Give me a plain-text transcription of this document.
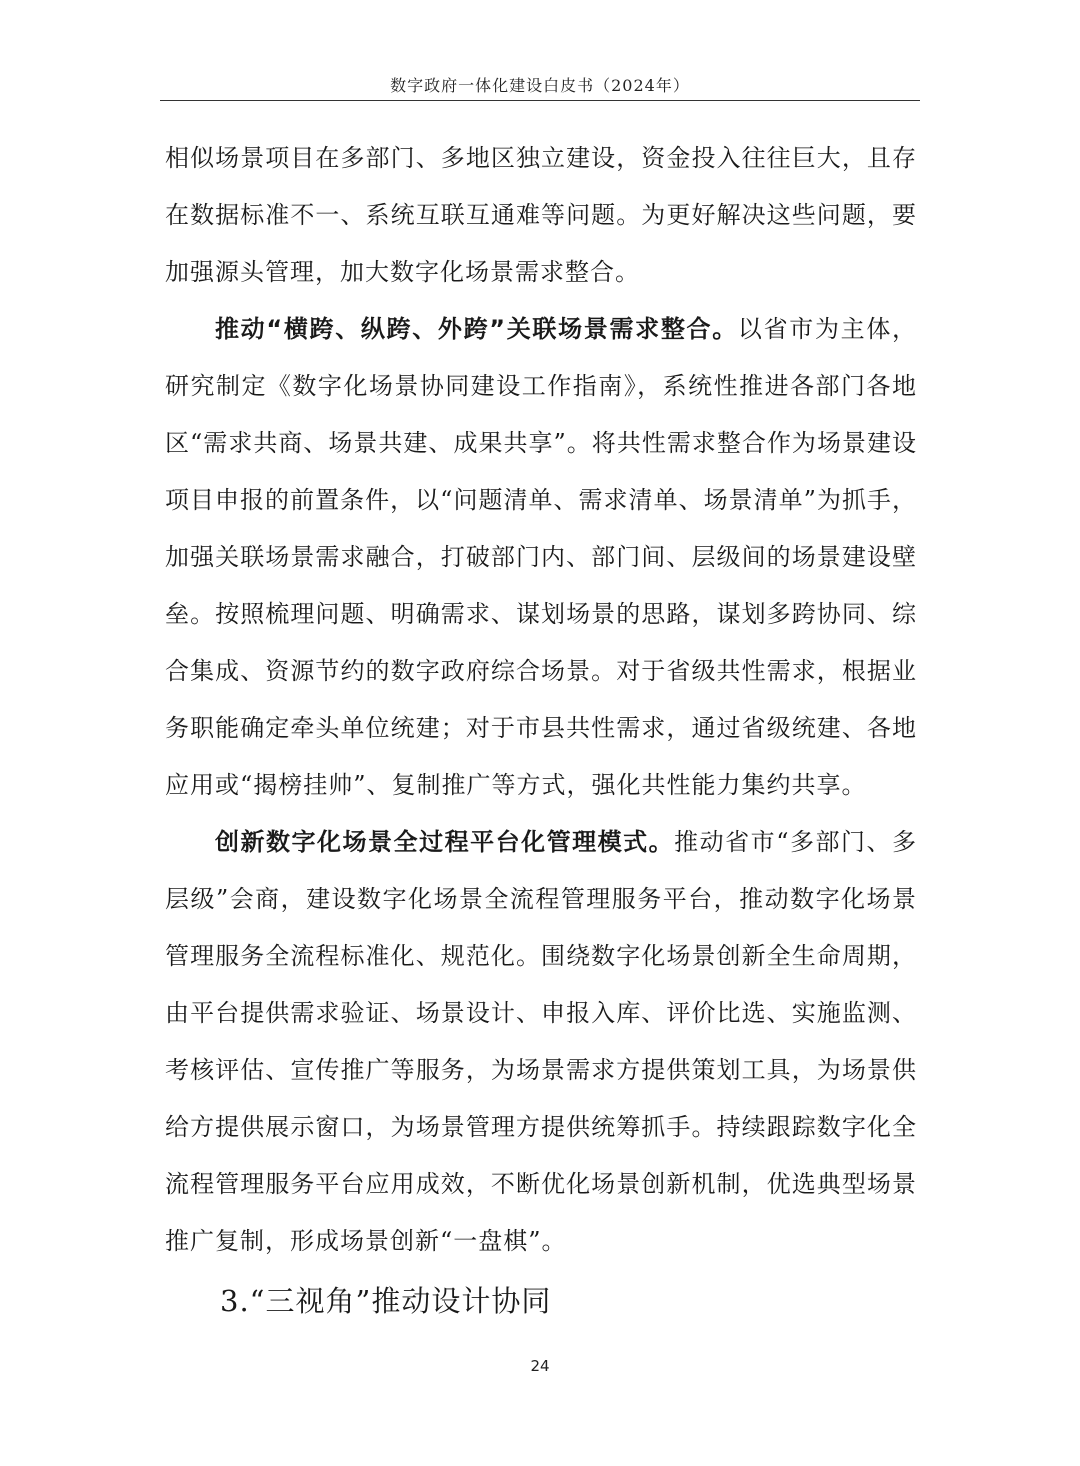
数字政府一体化建设白皮书（2024年）

相似场景项目在多部门、多地区独立建设，资金投入往往巨大，且存在数据标准不一、系统互联互通难等问题。为更好解决这些问题，要加强源头管理，加大数字化场景需求整合。

推动“横跨、纵跨、外跨”关联场景需求整合。以省市为主体，研究制定《数字化场景协同建设工作指南》，系统性推进各部门各地区“需求共商、场景共建、成果共享”。将共性需求整合作为场景建设项目申报的前置条件，以“问题清单、需求清单、场景清单”为抓手，加强关联场景需求融合，打破部门内、部门间、层级间的场景建设壁垒。按照梳理问题、明确需求、谋划场景的思路，谋划多跨协同、综合集成、资源节约的数字政府综合场景。对于省级共性需求，根据业务职能确定牵头单位统建；对于市县共性需求，通过省级统建、各地应用或“揭榜挂帅”、复制推广等方式，强化共性能力集约共享。

创新数字化场景全过程平台化管理模式。推动省市“多部门、多层级”会商，建设数字化场景全流程管理服务平台，推动数字化场景管理服务全流程标准化、规范化。围绕数字化场景创新全生命周期，由平台提供需求验证、场景设计、申报入库、评价比选、实施监测、考核评估、宣传推广等服务，为场景需求方提供策划工具，为场景供给方提供展示窗口，为场景管理方提供统筹抓手。持续跟踪数字化全流程管理服务平台应用成效，不断优化场景创新机制，优选典型场景推广复制，形成场景创新“一盘棋”。

3.“三视角”推动设计协同

24
